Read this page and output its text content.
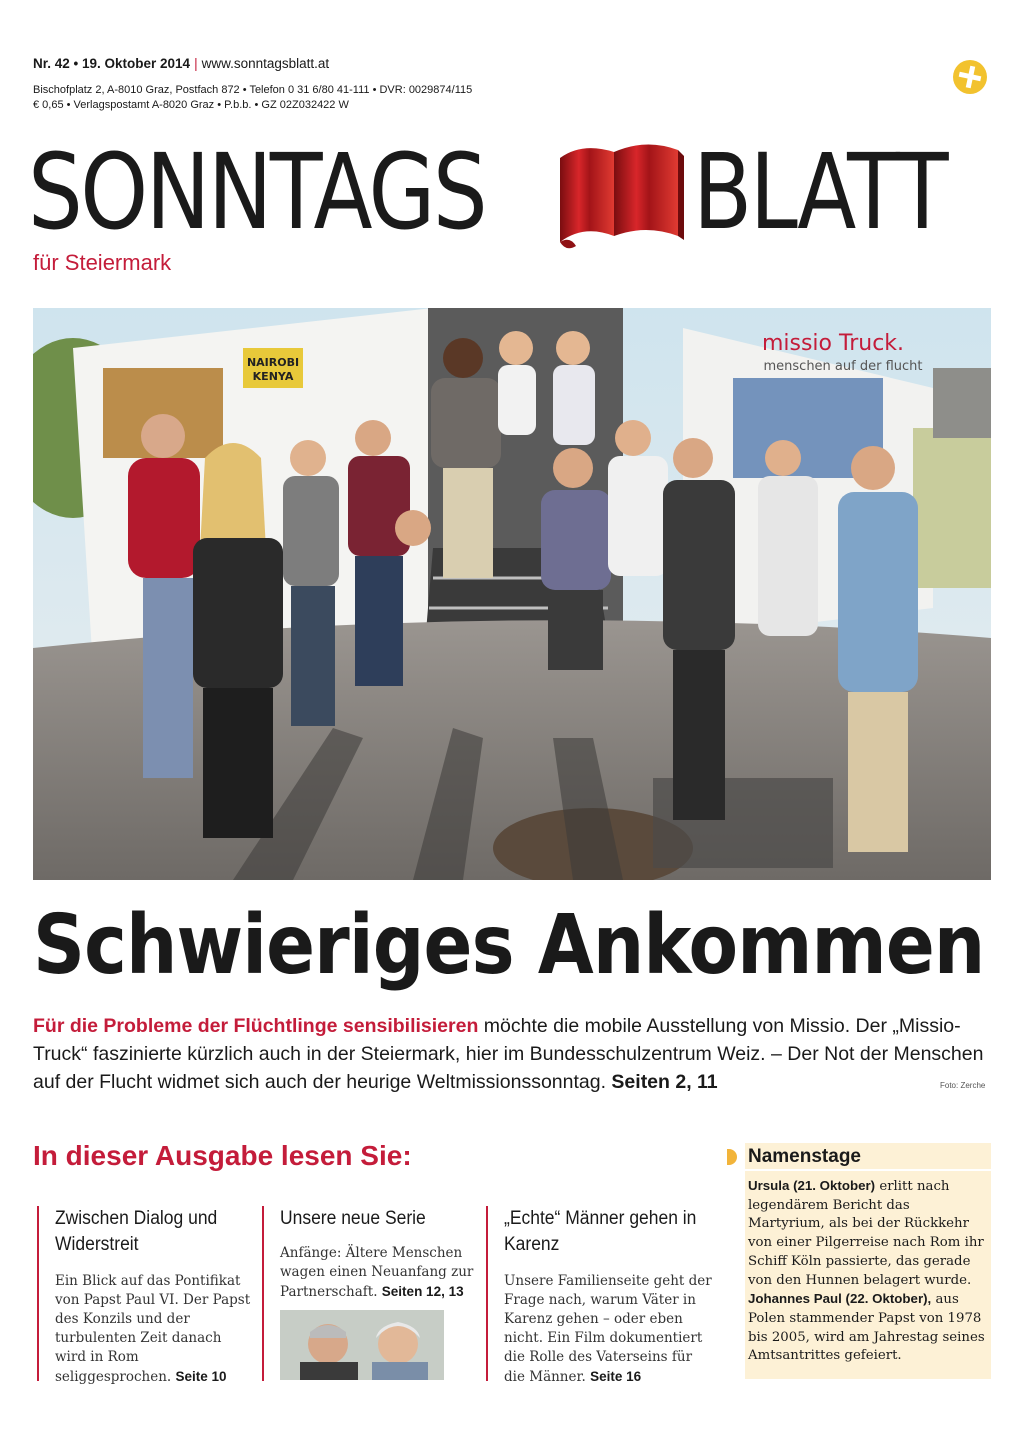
Nr. 42 • 19. Oktober 2014 | www.sonntagsblatt.at
Bischofplatz 2, A-8010 Graz, Postfach 872 • Telefon 0 31 6/80 41-111 • DVR: 0029874/115
€ 0,65 • Verlagspostamt A-8020 Graz • P.b.b. • GZ 02Z032422 W
SONNTAGS BLATT
für Steiermark
NAIROBI
KENYA
missio Truck.
menschen auf der flucht
Foto: Zerche
Schwieriges Ankommen

Für die Probleme der Flüchtlinge sensibilisieren möchte die mobile Ausstellung von Missio. Der „Missio-Truck“ faszinierte kürzlich auch in der Steiermark, hier im Bundesschulzentrum Weiz. – Der Not der Menschen auf der Flucht widmet sich auch der heurige Weltmissionssonntag. Seiten 2, 11

In dieser Ausgabe lesen Sie:
Zwischen Dialog und Widerstreit

Ein Blick auf das Pontifikat von Papst Paul VI. Der Papst des Konzils und der turbulenten Zeit danach wird in Rom seliggesprochen. Seite 10

Unsere neue Serie

Anfänge: Ältere Menschen wagen einen Neuanfang zur Partnerschaft. Seiten 12, 13

„Echte“ Männer gehen in Karenz

Unsere Familienseite geht der Frage nach, warum Väter in Karenz gehen – oder eben nicht. Ein Film dokumentiert die Rolle des Vaterseins für die Männer. Seite 16

Namenstage

Ursula (21. Oktober) erlitt nach legendärem Bericht das Martyrium, als bei der Rückkehr von einer Pilgerreise nach Rom ihr Schiff Köln passierte, das gerade von den Hunnen belagert wurde.

Johannes Paul (22. Oktober), aus Polen stammender Papst von 1978 bis 2005, wird am Jahrestag seines Amtsantrittes gefeiert.
